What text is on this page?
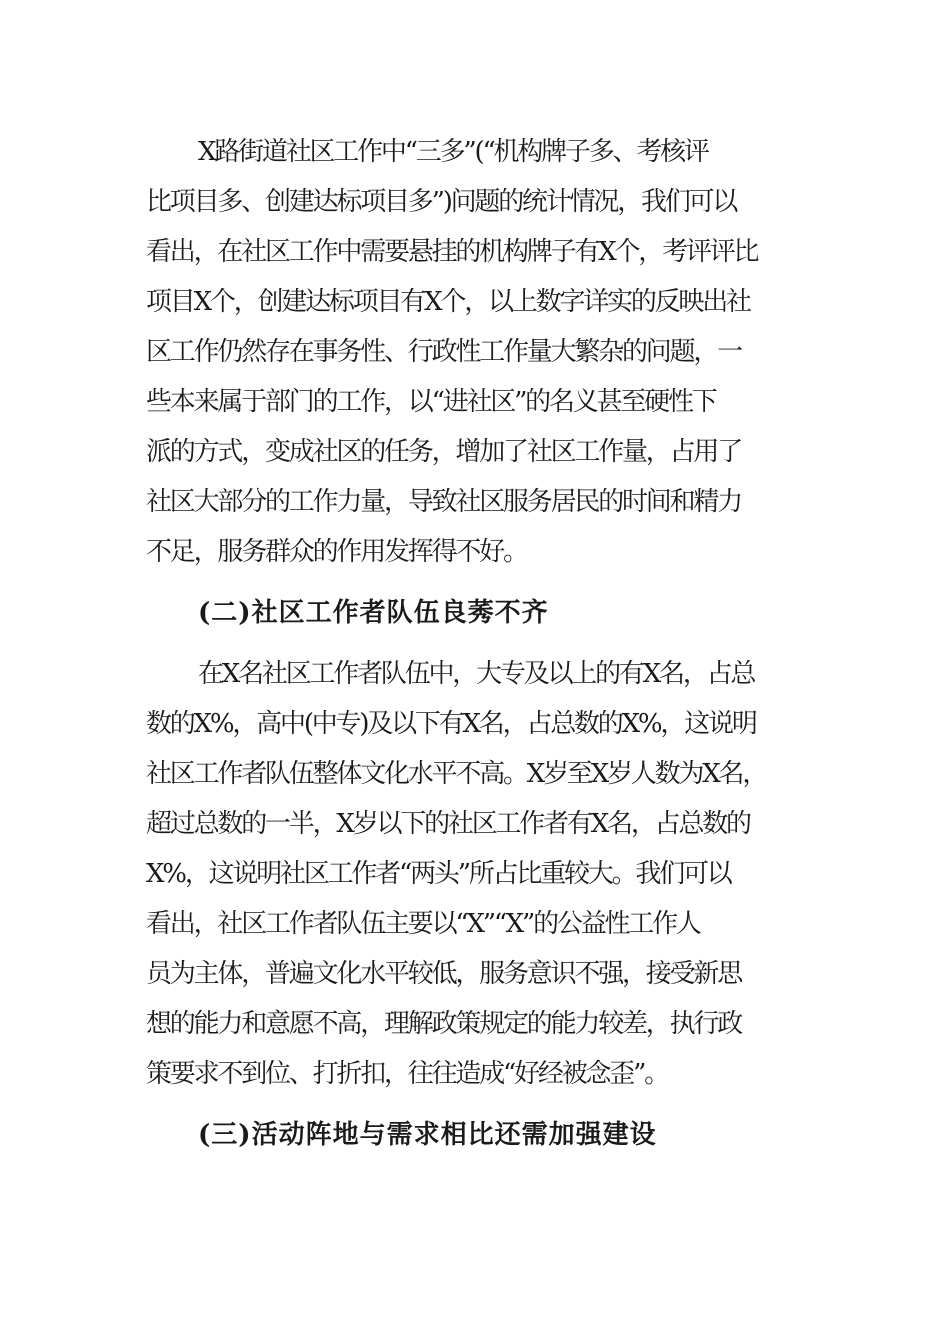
X路街道社区工作中“三多”(“机构牌子多、考核评
比项目多、创建达标项目多”)问题的统计情况，我们可以
看出，在社区工作中需要悬挂的机构牌子有X个，考评评比
项目X个，创建达标项目有X个，以上数字详实的反映出社
区工作仍然存在事务性、行政性工作量大繁杂的问题，一
些本来属于部门的工作，以“进社区”的名义甚至硬性下
派的方式，变成社区的任务，增加了社区工作量，占用了
社区大部分的工作力量，导致社区服务居民的时间和精力
不足，服务群众的作用发挥得不好。
(二)社区工作者队伍良莠不齐
在X名社区工作者队伍中，大专及以上的有X名，占总
数的X%，高中(中专)及以下有X名，占总数的X%，这说明
社区工作者队伍整体文化水平不高。X岁至X岁人数为X名，
超过总数的一半，X岁以下的社区工作者有X名，占总数的
X%，这说明社区工作者“两头”所占比重较大。我们可以
看出，社区工作者队伍主要以“X”“X”的公益性工作人
员为主体，普遍文化水平较低，服务意识不强，接受新思
想的能力和意愿不高，理解政策规定的能力较差，执行政
策要求不到位、打折扣，往往造成“好经被念歪”。
(三)活动阵地与需求相比还需加强建设
